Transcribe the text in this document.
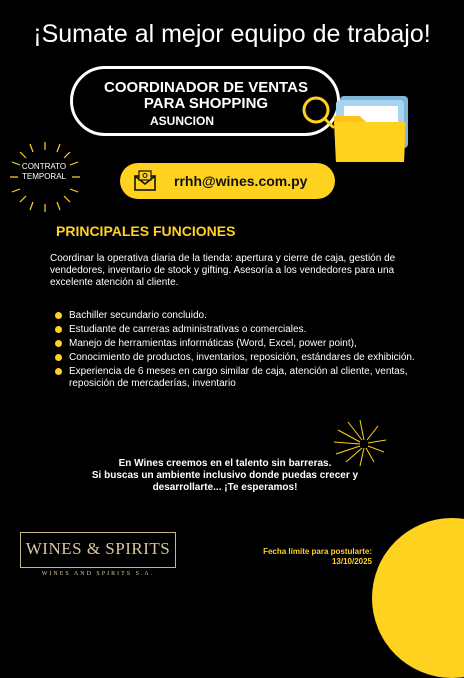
¡Sumate al mejor equipo de trabajo!
COORDINADOR DE VENTAS
PARA SHOPPING
ASUNCION
CONTRATO
TEMPORAL	rrhh@wines.com.py
PRINCIPALES FUNCIONES
Coordinar la operativa diaria de la tienda: apertura y cierre de caja, gestión de vendedores, inventario de stock y gifting. Asesoría a los vendedores para una excelente atención al cliente.
Bachiller secundario concluido.
Estudiante de carreras administrativas o comerciales.
Manejo de herramientas informáticas (Word, Excel, power point),
Conocimiento de productos, inventarios, reposición, estándares de exhibición.
Experiencia de 6 meses en cargo similar de caja, atención al cliente, ventas, reposición de mercaderías, inventario
En Wines creemos en el talento sin barreras.
Si buscas un ambiente inclusivo donde puedas crecer y
desarrollarte... ¡Te esperamos!
WINES & SPIRITS
WINES AND SPIRITS S.A.
Fecha límite para postularte:
13/10/2025
